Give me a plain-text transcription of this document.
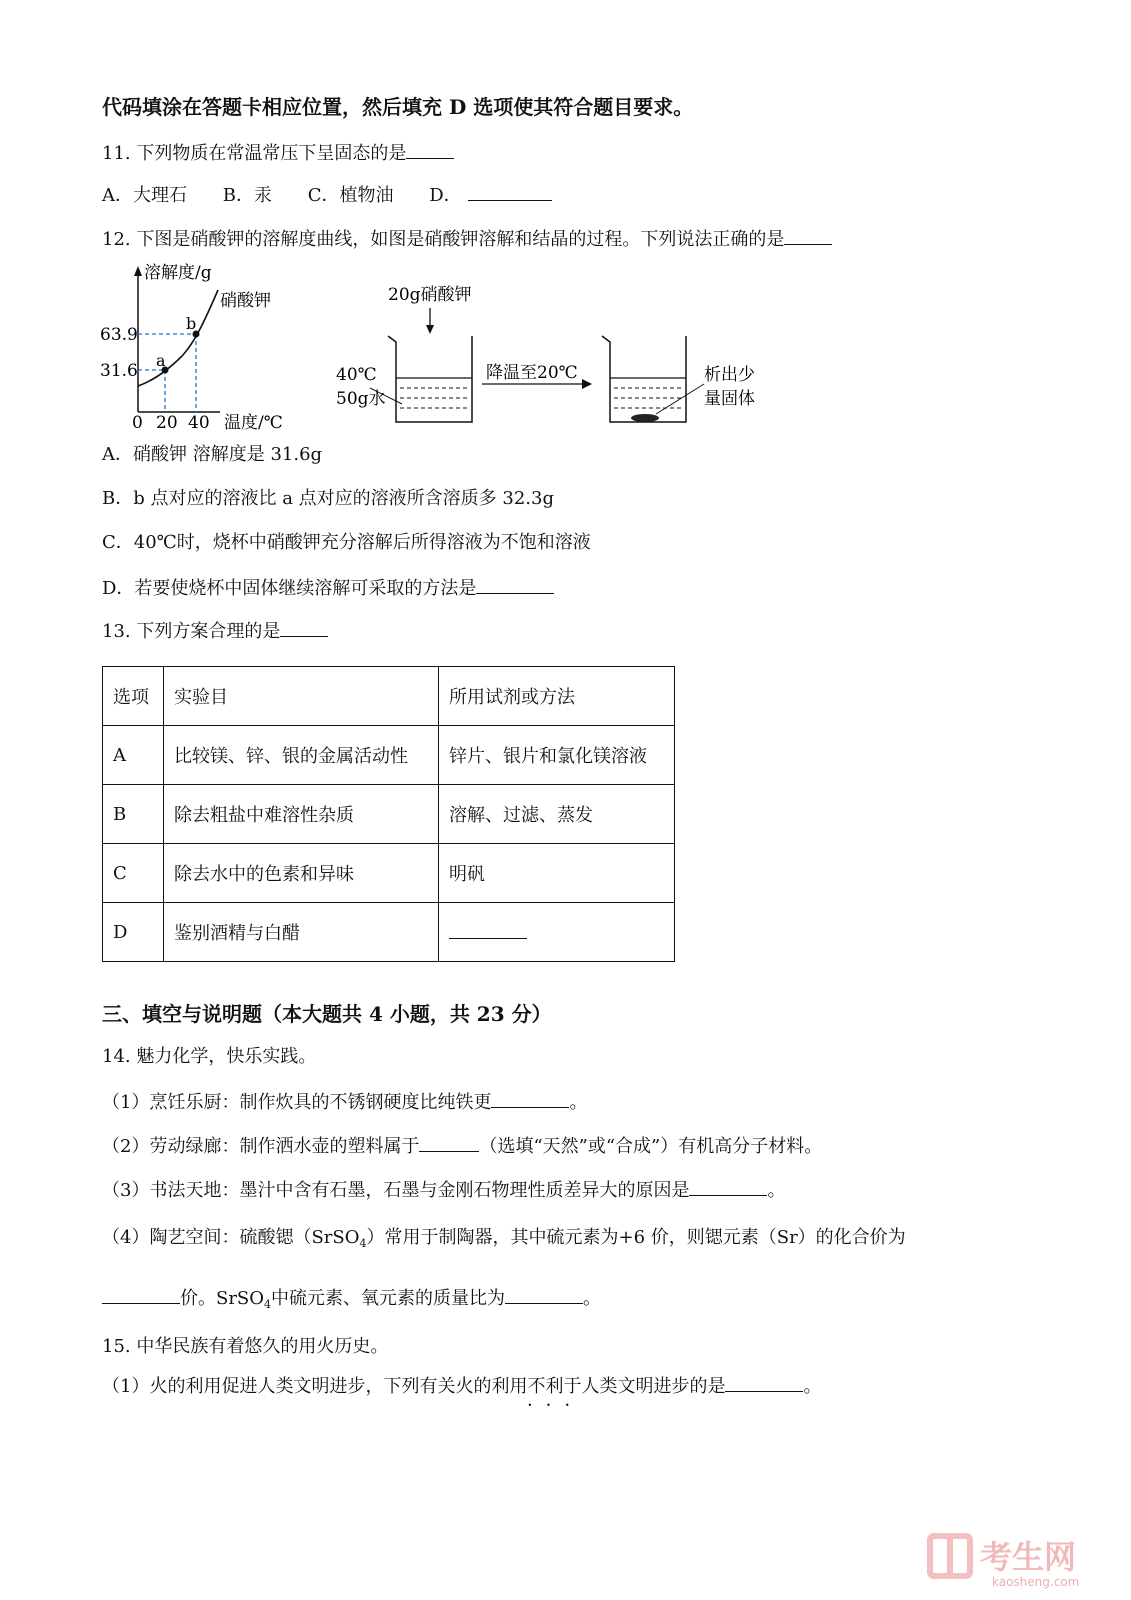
代码填涂在答题卡相应位置，然后填充 D 选项使其符合题目要求。
11. 下列物质在常温常压下呈固态的是
A．大理石 B．汞 C．植物油 D．
12. 下图是硝酸钾的溶解度曲线，如图是硝酸钾溶解和结晶的过程。下列说法正确的是
溶解度/g
硝酸钾
63.9
31.6
a
b
0 20 40 温度/℃
20g硝酸钾
40℃
50g水
降温至20℃	析出少
量固体
A．硝酸钾 溶解度是 31.6g
B．b 点对应的溶液比 a 点对应的溶液所含溶质多 32.3g
C．40℃时，烧杯中硝酸钾充分溶解后所得溶液为不饱和溶液
D．若要使烧杯中固体继续溶解可采取的方法是
13. 下列方案合理的是
选项	实验目	所用试剂或方法
A	比较镁、锌、银的金属活动性	锌片、银片和氯化镁溶液
B	除去粗盐中难溶性杂质	溶解、过滤、蒸发
C	除去水中的色素和异味	明矾
D	鉴别酒精与白醋	
三、填空与说明题（本大题共 4 小题，共 23 分）
14. 魅力化学，快乐实践。
（1）烹饪乐厨：制作炊具的不锈钢硬度比纯铁更	。
（2）劳动绿廊：制作洒水壶的塑料属于	（选填“天然”或“合成”）有机高分子材料。
（3）书法天地：墨汁中含有石墨，石墨与金刚石物理性质差异大的原因是	。
（4）陶艺空间：硫酸锶（SrSO$_4$）常用于制陶器，其中硫元素为+6 价，则锶元素（Sr）的化合价为
价。SrSO$_4$中硫元素、氧元素的质量比为	。
15. 中华民族有着悠久的用火历史。
（1）火的利用促进人类文明进步，下列有关火的利用不利于 •••人类文明进步的是	。
考生网
kaosheng.com
